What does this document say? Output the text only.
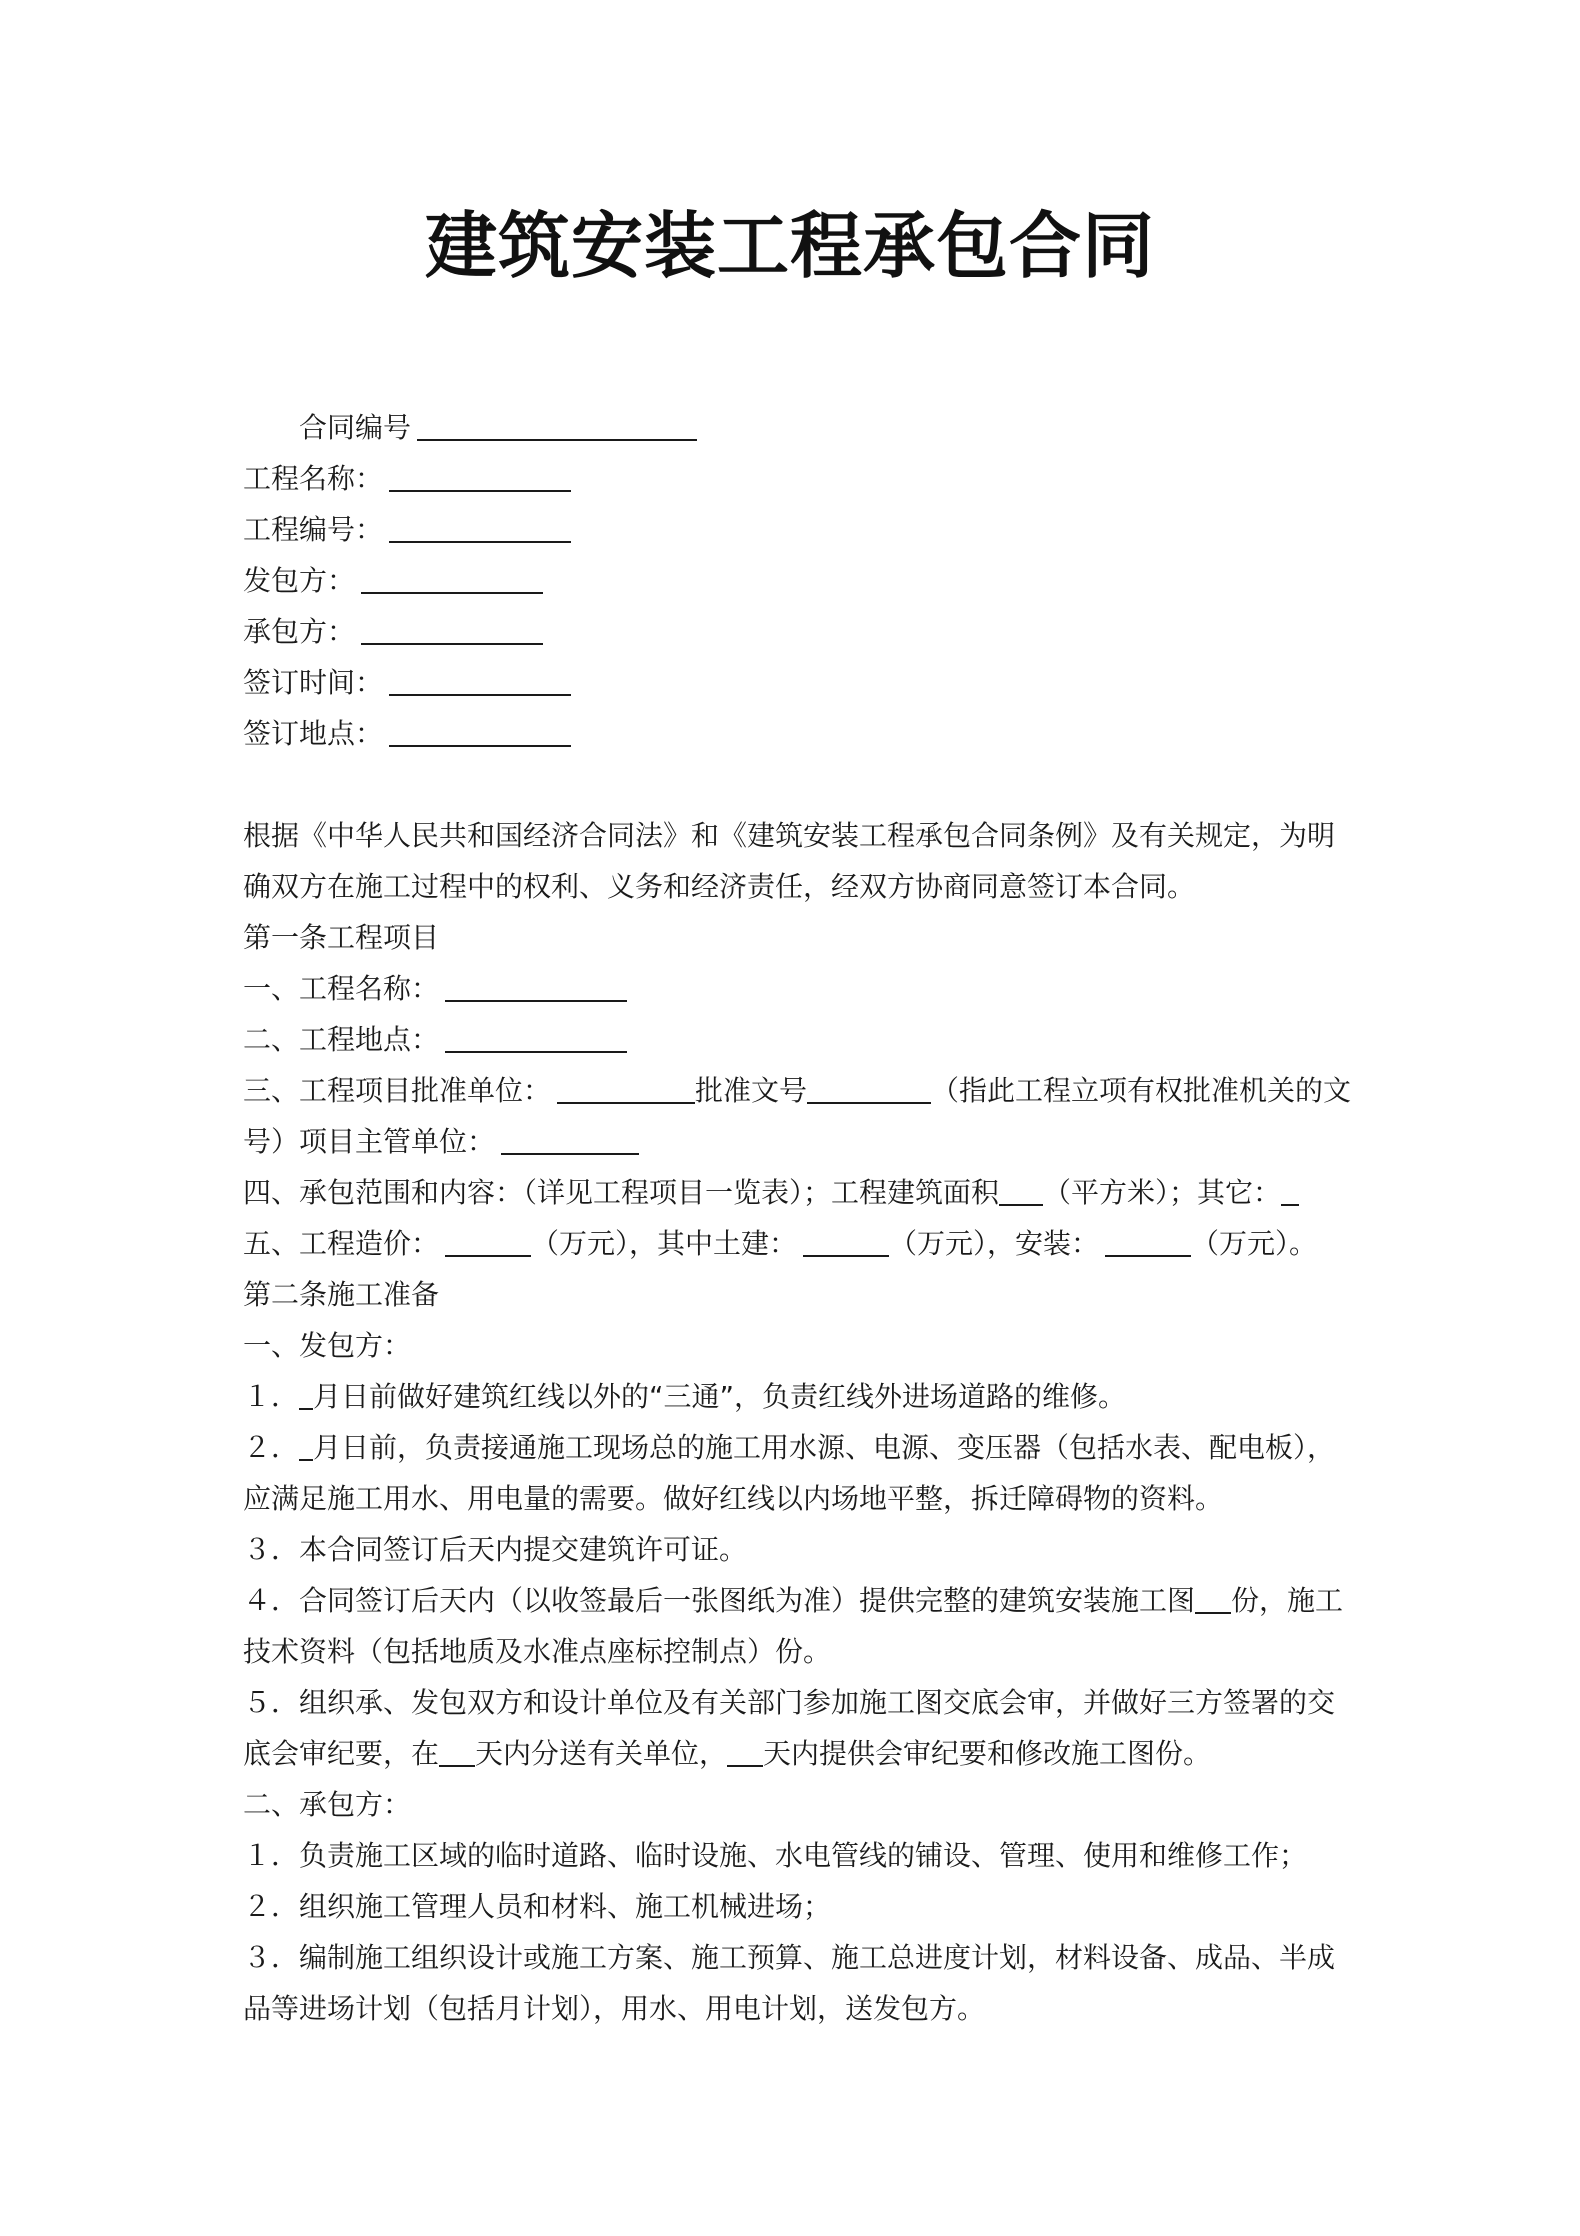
建筑安装工程承包合同
合同编号
工程名称：
工程编号：
发包方：
承包方：
签订时间：
签订地点：
根据《中华人民共和国经济合同法》和《建筑安装工程承包合同条例》及有关规定，为明
确双方在施工过程中的权利、义务和经济责任，经双方协商同意签订本合同。
第一条工程项目
一、工程名称：
二、工程地点：
三、工程项目批准单位：	批准文号	（指此工程立项有权批准机关的文
号）项目主管单位：
四、承包范围和内容：（详见工程项目一览表）；工程建筑面积 （平方米）；其它：
五、工程造价：	（万元），其中土建：	（万元），安装：	（万元）。
第二条施工准备
一、发包方：
１． 月日前做好建筑红线以外的“三通”，负责红线外进场道路的维修。
２． 月日前，负责接通施工现场总的施工用水源、电源、变压器（包括水表、配电板），
应满足施工用水、用电量的需要。做好红线以内场地平整，拆迁障碍物的资料。
３．本合同签订后天内提交建筑许可证。
４．合同签订后天内（以收签最后一张图纸为准）提供完整的建筑安装施工图 份，施工
技术资料（包括地质及水准点座标控制点）份。
５．组织承、发包双方和设计单位及有关部门参加施工图交底会审，并做好三方签署的交
底会审纪要，在 天内分送有关单位， 天内提供会审纪要和修改施工图份。
二、承包方：
１．负责施工区域的临时道路、临时设施、水电管线的铺设、管理、使用和维修工作；
２．组织施工管理人员和材料、施工机械进场；
３．编制施工组织设计或施工方案、施工预算、施工总进度计划，材料设备、成品、半成
品等进场计划（包括月计划），用水、用电计划，送发包方。
